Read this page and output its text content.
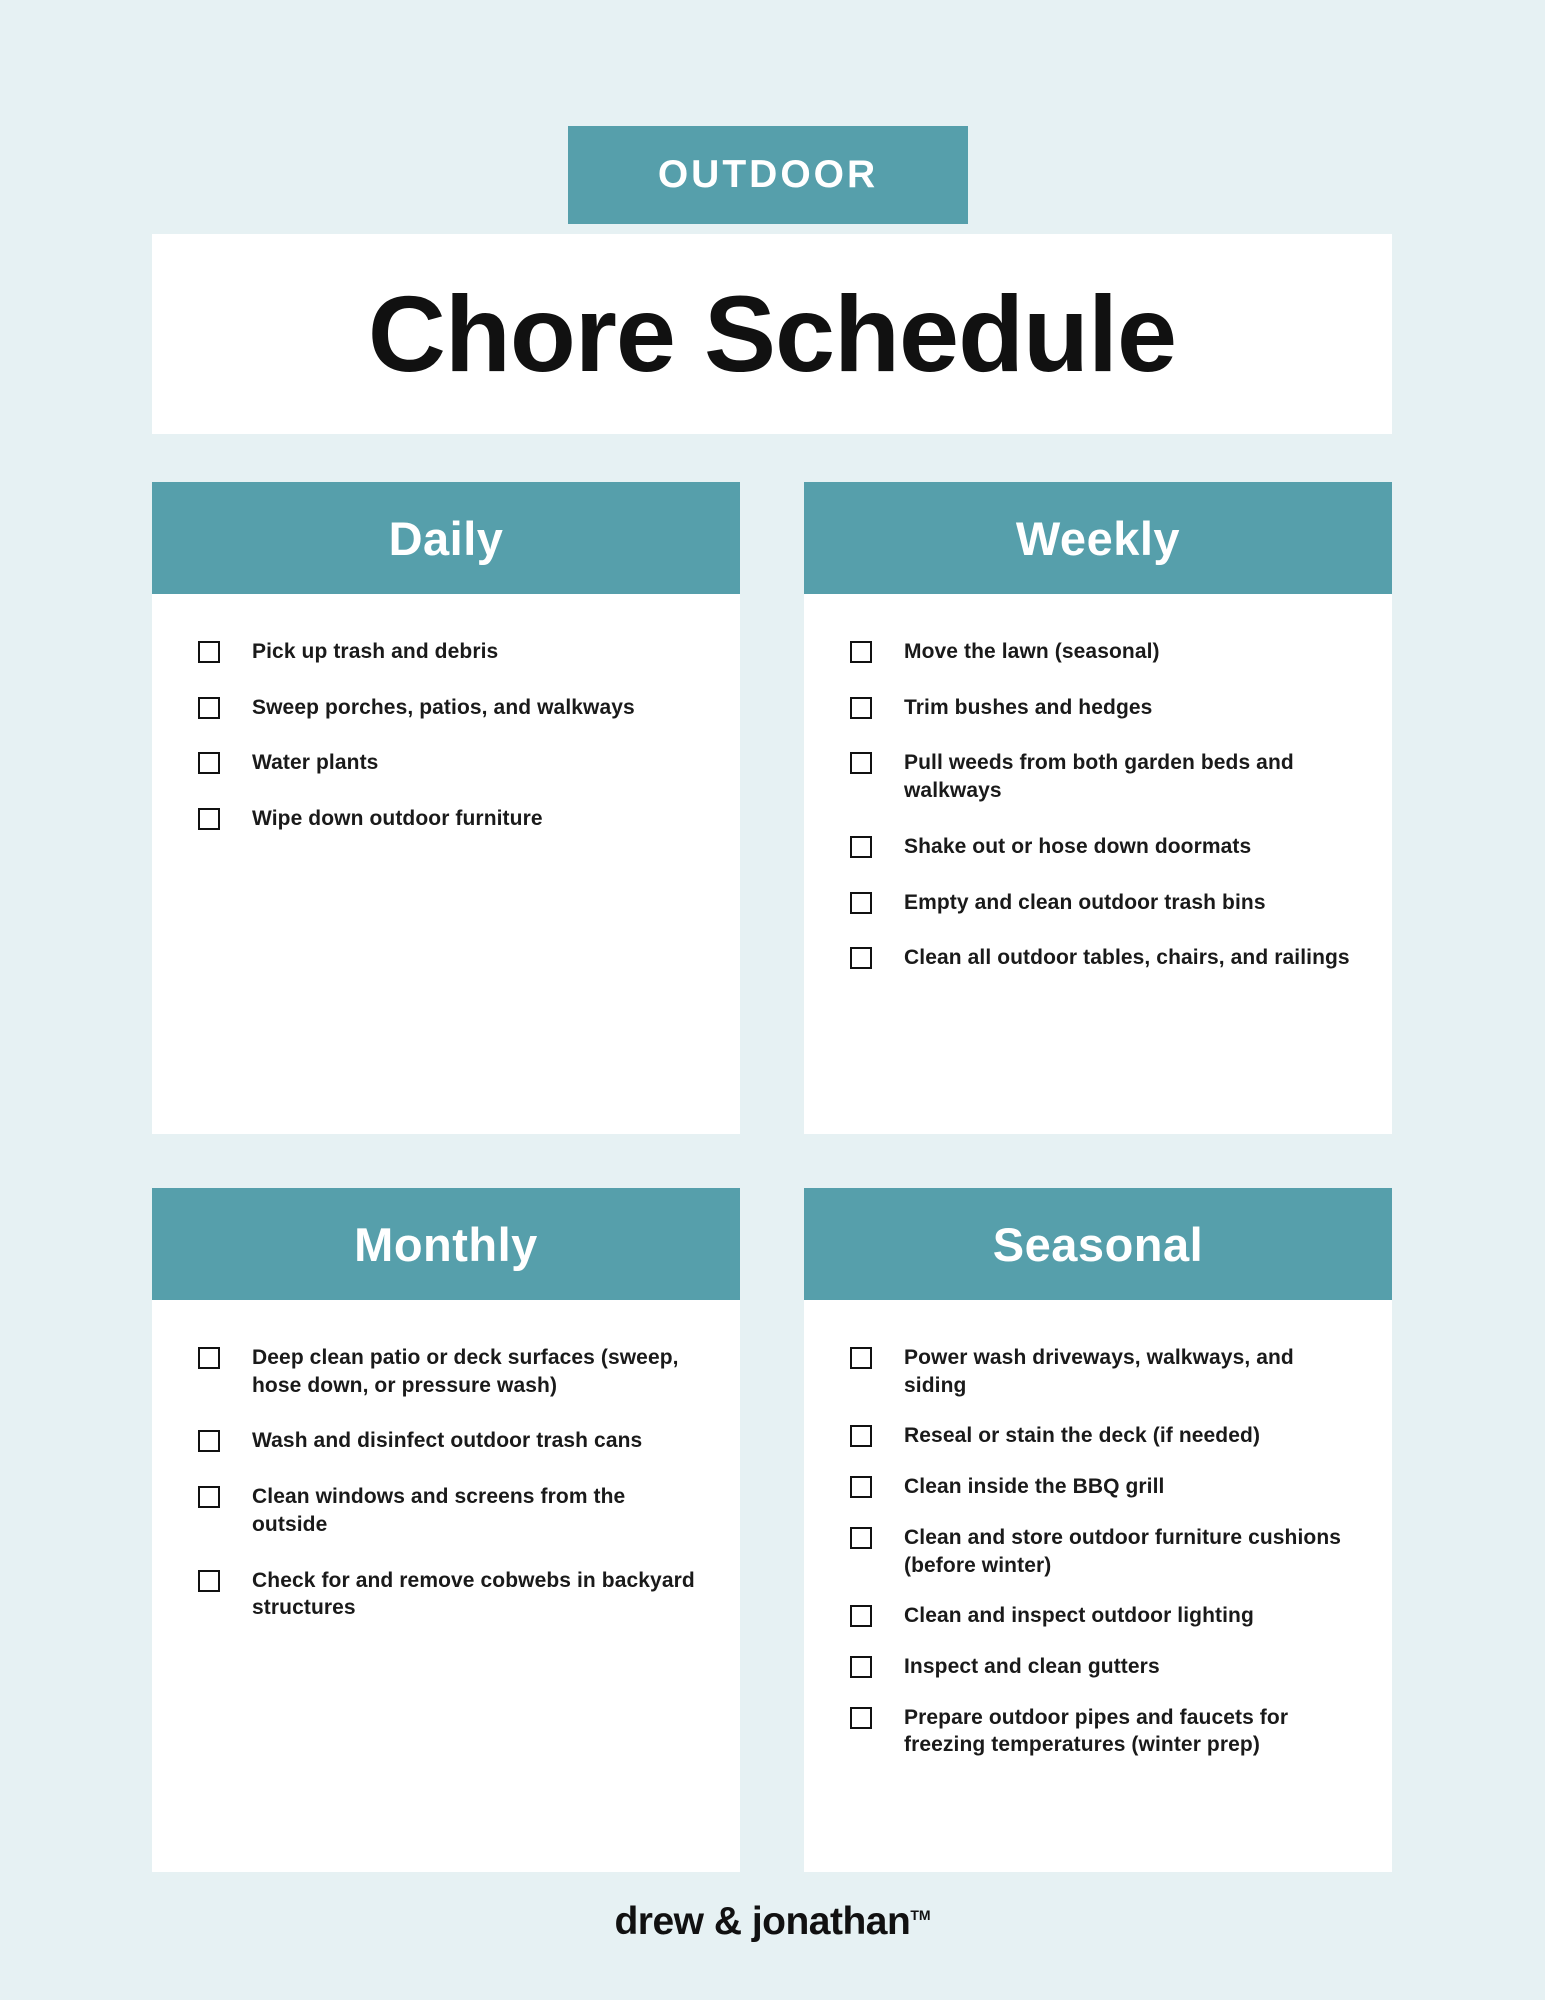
OUTDOOR
Chore Schedule
Daily
Pick up trash and debris
Sweep porches, patios, and walkways
Water plants
Wipe down outdoor furniture
Weekly
Move the lawn (seasonal)
Trim bushes and hedges
Pull weeds from both garden beds and walkways
Shake out or hose down doormats
Empty and clean outdoor trash bins
Clean all outdoor tables, chairs, and railings
Monthly
Deep clean patio or deck surfaces (sweep, hose down, or pressure wash)
Wash and disinfect outdoor trash cans
Clean windows and screens from the outside
Check for and remove cobwebs in backyard structures
Seasonal
Power wash driveways, walkways, and siding
Reseal or stain the deck (if needed)
Clean inside the BBQ grill
Clean and store outdoor furniture cushions (before winter)
Clean and inspect outdoor lighting
Inspect and clean gutters
Prepare outdoor pipes and faucets for freezing temperatures (winter prep)
drew & jonathan™
